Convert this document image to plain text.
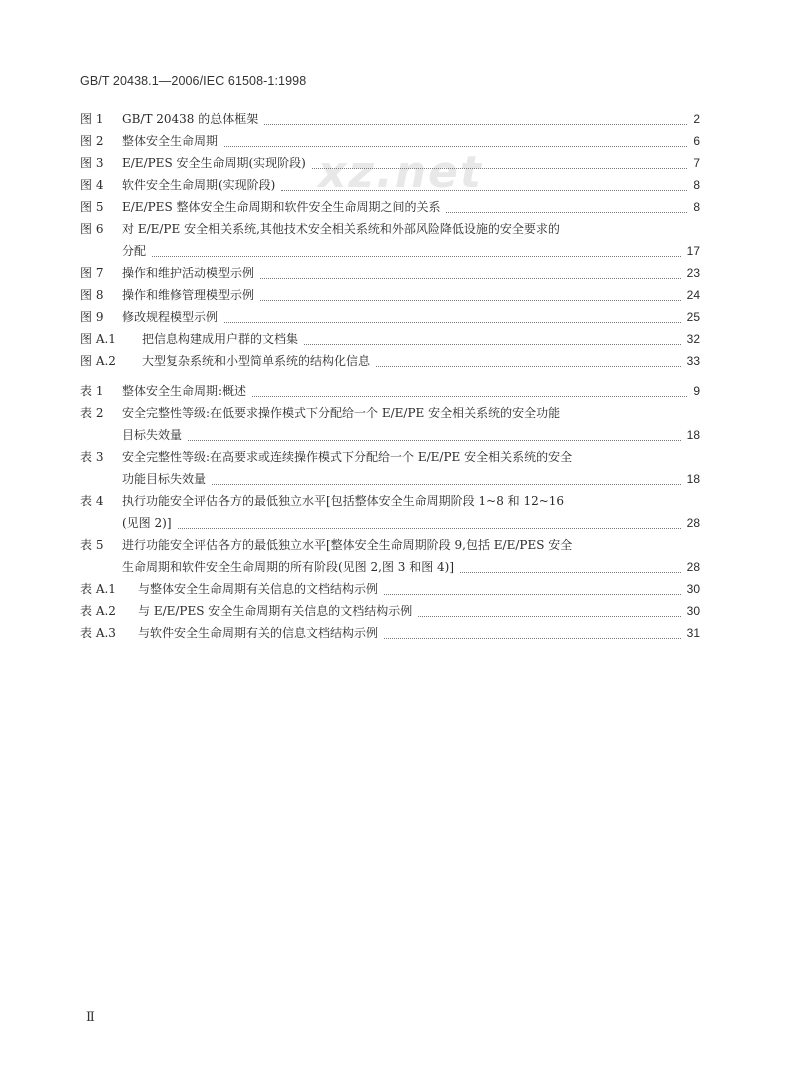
GB/T 20438.1—2006/IEC 61508-1:1998
xz.net
图 1 GB/T 20438 的总体框架	2
图 2 整体安全生命周期	6
图 3 E/E/PES 安全生命周期(实现阶段)	7
图 4 软件安全生命周期(实现阶段)	8
图 5 E/E/PES 整体安全生命周期和软件安全生命周期之间的关系	8
图 6 对 E/E/PE 安全相关系统,其他技术安全相关系统和外部风险降低设施的安全要求的
分配	17
图 7 操作和维护活动模型示例	23
图 8 操作和维修管理模型示例	24
图 9 修改规程模型示例	25
图 A.1 把信息构建成用户群的文档集	32
图 A.2 大型复杂系统和小型简单系统的结构化信息	33
表 1 整体安全生命周期:概述	9
表 2 安全完整性等级:在低要求操作模式下分配给一个 E/E/PE 安全相关系统的安全功能
目标失效量	18
表 3 安全完整性等级:在高要求或连续操作模式下分配给一个 E/E/PE 安全相关系统的安全
功能目标失效量	18
表 4 执行功能安全评估各方的最低独立水平[包括整体安全生命周期阶段 1~8 和 12~16
(见图 2)]	28
表 5 进行功能安全评估各方的最低独立水平[整体安全生命周期阶段 9,包括 E/E/PES 安全
生命周期和软件安全生命周期的所有阶段(见图 2,图 3 和图 4)]	28
表 A.1 与整体安全生命周期有关信息的文档结构示例	30
表 A.2 与 E/E/PES 安全生命周期有关信息的文档结构示例	30
表 A.3 与软件安全生命周期有关的信息文档结构示例	31
Ⅱ
